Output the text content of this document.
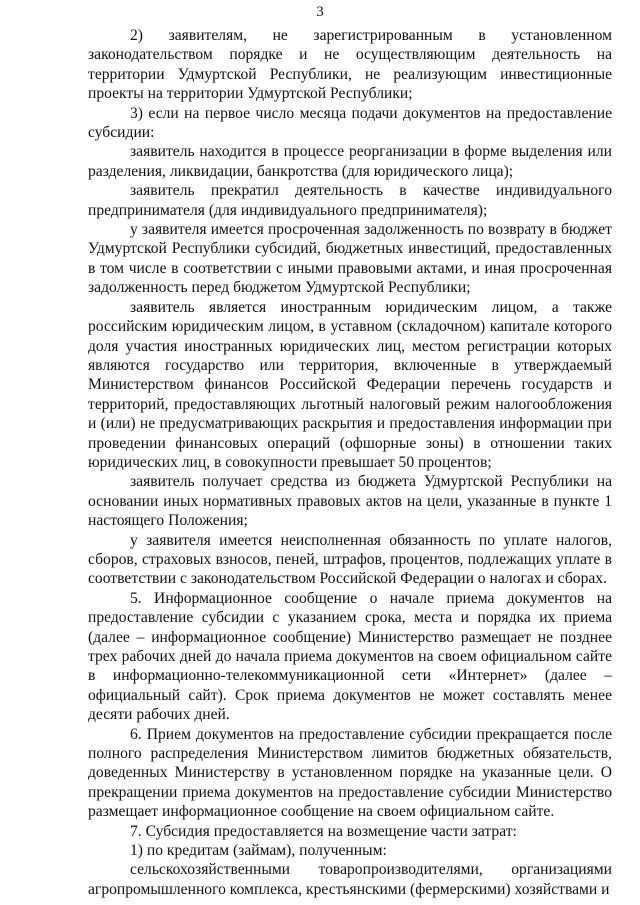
3

2) заявителям, не зарегистрированным в установленном законодательством порядке и не осуществляющим деятельность на территории Удмуртской Республики, не реализующим инвестиционные проекты на территории Удмуртской Республики;

3) если на первое число месяца подачи документов на предоставление субсидии:

заявитель находится в процессе реорганизации в форме выделения или разделения, ликвидации, банкротства (для юридического лица);

заявитель прекратил деятельность в качестве индивидуального предпринимателя (для индивидуального предпринимателя);

у заявителя имеется просроченная задолженность по возврату в бюджет Удмуртской Республики субсидий, бюджетных инвестиций, предоставленных в том числе в соответствии с иными правовыми актами, и иная просроченная задолженность перед бюджетом Удмуртской Республики;

заявитель является иностранным юридическим лицом, а также российским юридическим лицом, в уставном (складочном) капитале которого доля участия иностранных юридических лиц, местом регистрации которых являются государство или территория, включенные в утверждаемый Министерством финансов Российской Федерации перечень государств и территорий, предоставляющих льготный налоговый режим налогообложения и (или) не предусматривающих раскрытия и предоставления информации при проведении финансовых операций (офшорные зоны) в отношении таких юридических лиц, в совокупности превышает 50 процентов;

заявитель получает средства из бюджета Удмуртской Республики на основании иных нормативных правовых актов на цели, указанные в пункте 1 настоящего Положения;

у заявителя имеется неисполненная обязанность по уплате налогов, сборов, страховых взносов, пеней, штрафов, процентов, подлежащих уплате в соответствии с законодательством Российской Федерации о налогах и сборах.

5. Информационное сообщение о начале приема документов на предоставление субсидии с указанием срока, места и порядка их приема (далее – информационное сообщение) Министерство размещает не позднее трех рабочих дней до начала приема документов на своем официальном сайте в информационно-телекоммуникационной сети «Интернет» (далее – официальный сайт). Срок приема документов не может составлять менее десяти рабочих дней.

6. Прием документов на предоставление субсидии прекращается после полного распределения Министерством лимитов бюджетных обязательств, доведенных Министерству в установленном порядке на указанные цели. О прекращении приема документов на предоставление субсидии Министерство размещает информационное сообщение на своем официальном сайте.

7. Субсидия предоставляется на возмещение части затрат:

1) по кредитам (займам), полученным:

сельскохозяйственными товаропроизводителями, организациями агропромышленного комплекса, крестьянскими (фермерскими) хозяйствами и
